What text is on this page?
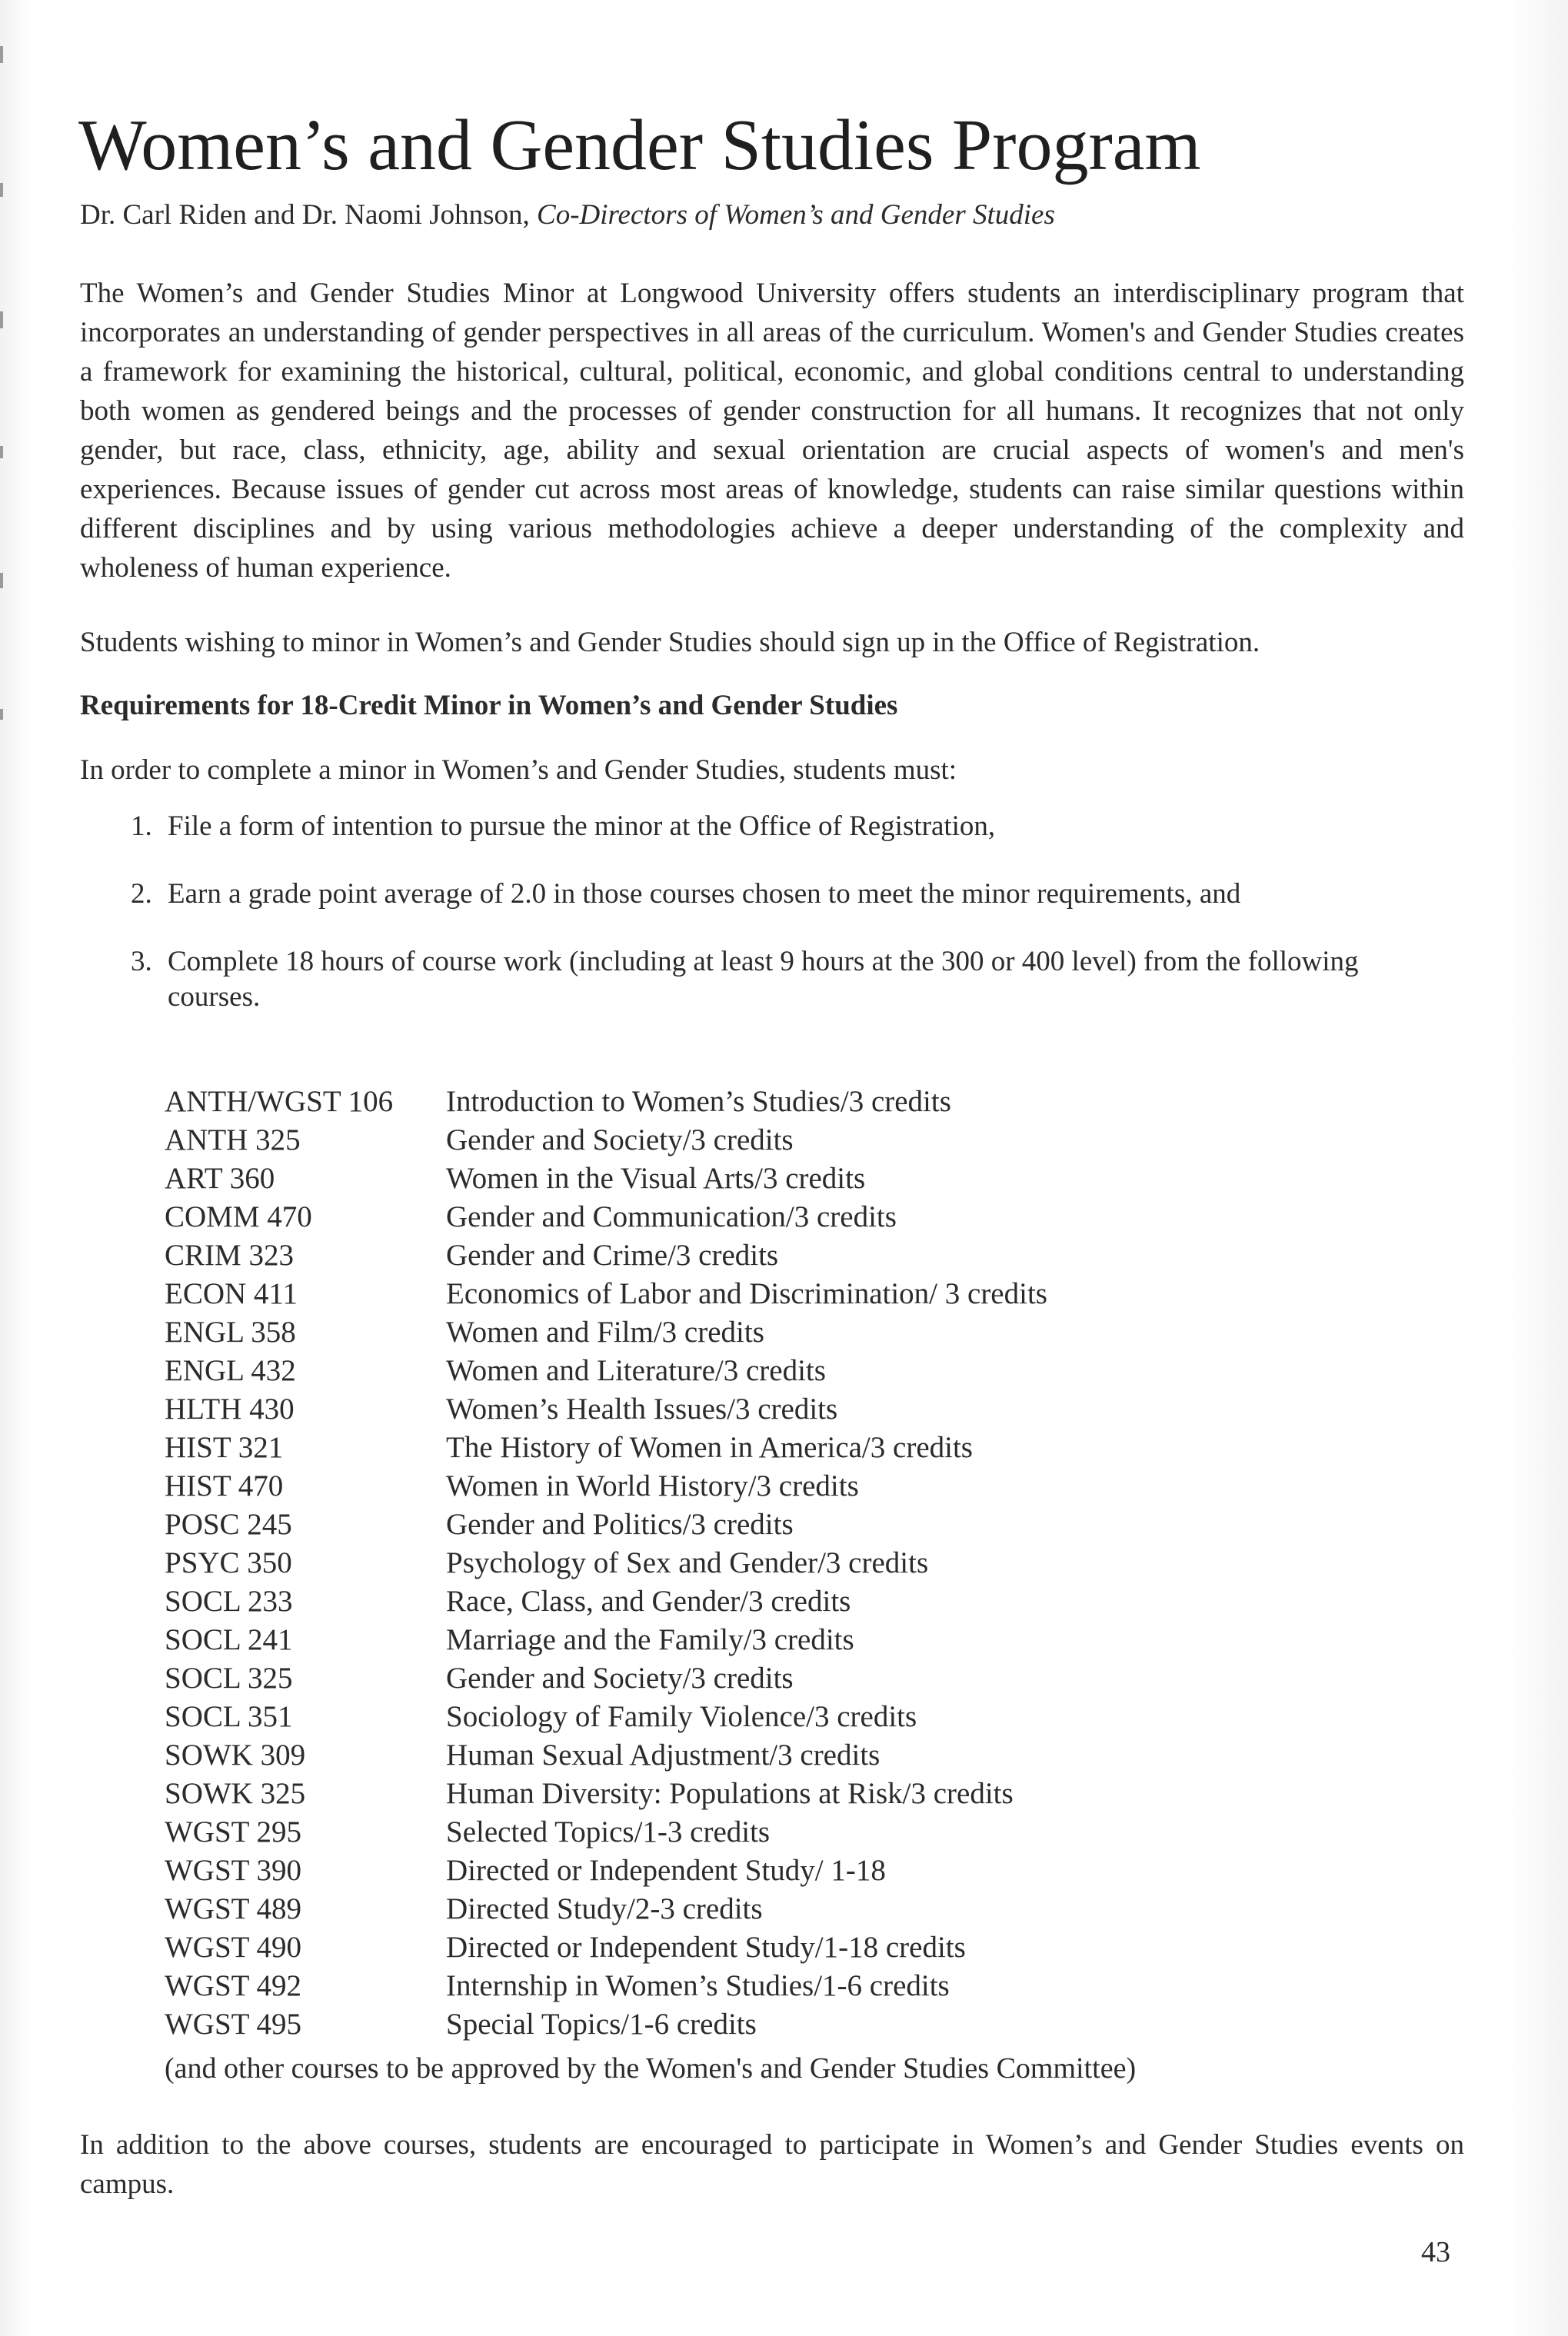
Women’s and Gender Studies Program
Dr. Carl Riden and Dr. Naomi Johnson, Co-Directors of Women’s and Gender Studies

The Women’s and Gender Studies Minor at Longwood University offers students an interdisciplinary program that incorporates an understanding of gender perspectives in all areas of the curriculum. Women's and Gender Studies creates a framework for examining the historical, cultural, political, economic, and global conditions central to understanding both women as gendered beings and the processes of gender construction for all humans. It recognizes that not only gender, but race, class, ethnicity, age, ability and sexual orientation are crucial aspects of women's and men's experiences. Because issues of gender cut across most areas of knowledge, students can raise similar questions within different disciplines and by using various methodologies achieve a deeper understanding of the complexity and wholeness of human experience.

Students wishing to minor in Women’s and Gender Studies should sign up in the Office of Registration.

Requirements for 18-Credit Minor in Women’s and Gender Studies

In order to complete a minor in Women’s and Gender Studies, students must:

1. File a form of intention to pursue the minor at the Office of Registration,
2. Earn a grade point average of 2.0 in those courses chosen to meet the minor requirements, and
3. Complete 18 hours of course work (including at least 9 hours at the 300 or 400 level) from the following courses.
ANTH/WGST 106	Introduction to Women’s Studies/3 credits
ANTH 325	Gender and Society/3 credits
ART 360	Women in the Visual Arts/3 credits
COMM 470	Gender and Communication/3 credits
CRIM 323	Gender and Crime/3 credits
ECON 411	Economics of Labor and Discrimination/ 3 credits
ENGL 358	Women and Film/3 credits
ENGL 432	Women and Literature/3 credits
HLTH 430	Women’s Health Issues/3 credits
HIST 321	The History of Women in America/3 credits
HIST 470	Women in World History/3 credits
POSC 245	Gender and Politics/3 credits
PSYC 350	Psychology of Sex and Gender/3 credits
SOCL 233	Race, Class, and Gender/3 credits
SOCL 241	Marriage and the Family/3 credits
SOCL 325	Gender and Society/3 credits
SOCL 351	Sociology of Family Violence/3 credits
SOWK 309	Human Sexual Adjustment/3 credits
SOWK 325	Human Diversity: Populations at Risk/3 credits
WGST 295	Selected Topics/1-3 credits
WGST 390	Directed or Independent Study/ 1-18
WGST 489	Directed Study/2-3 credits
WGST 490	Directed or Independent Study/1-18 credits
WGST 492	Internship in Women’s Studies/1-6 credits
WGST 495	Special Topics/1-6 credits
(and other courses to be approved by the Women's and Gender Studies Committee)

In addition to the above courses, students are encouraged to participate in Women’s and Gender Studies events on campus.

43
